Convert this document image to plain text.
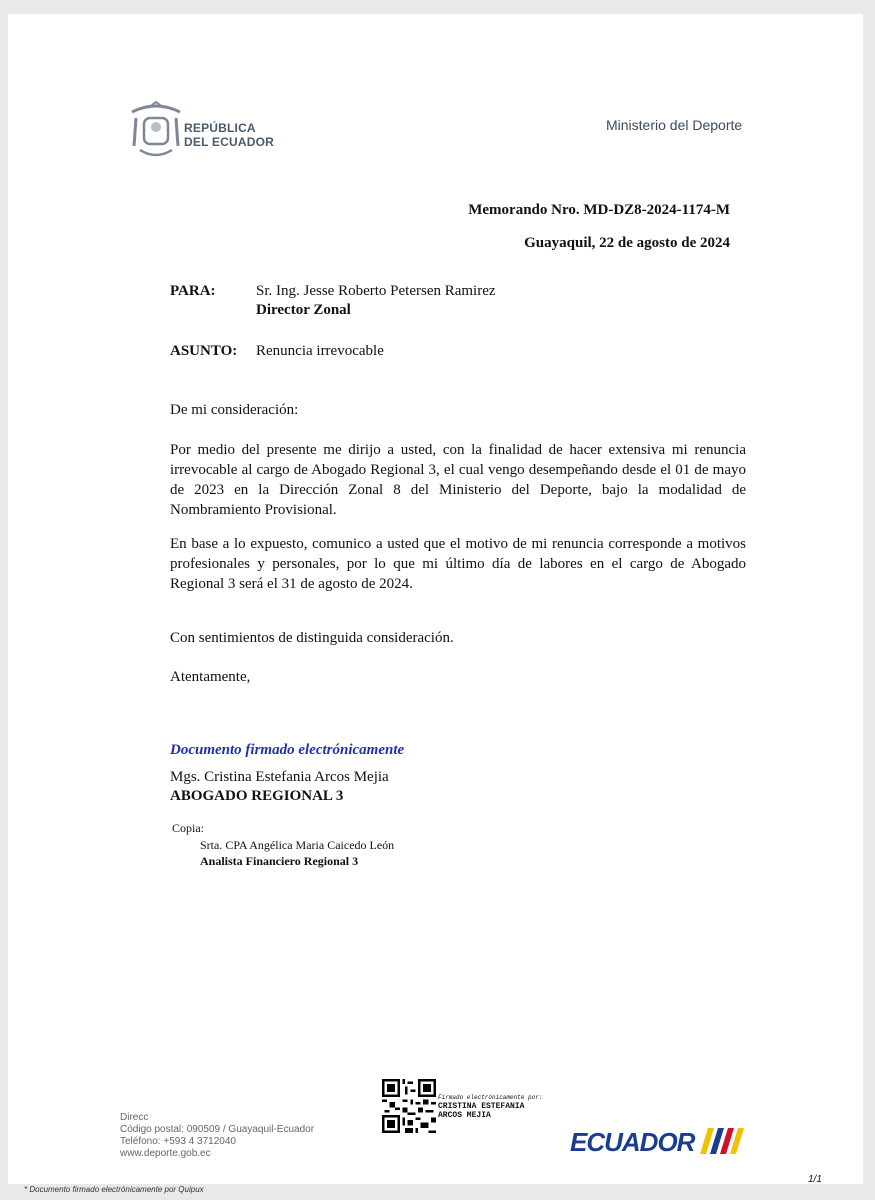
REPÚBLICA
DEL ECUADOR
Ministerio del Deporte
Memorando Nro. MD-DZ8-2024-1174-M
Guayaquil, 22 de agosto de 2024
PARA:	Sr. Ing. Jesse Roberto Petersen Ramirez
Director Zonal
ASUNTO: Renuncia irrevocable
De mi consideración:
Por medio del presente me dirijo a usted, con la finalidad de hacer extensiva mi renuncia irrevocable al cargo de Abogado Regional 3, el cual vengo desempeñando desde el 01 de mayo de 2023 en la Dirección Zonal 8 del Ministerio del Deporte, bajo la modalidad de Nombramiento Provisional.
En base a lo expuesto, comunico a usted que el motivo de mi renuncia corresponde a motivos profesionales y personales, por lo que mi último día de labores en el cargo de Abogado Regional 3 será el 31 de agosto de 2024.
Con sentimientos de distinguida consideración.
Atentamente,
Documento firmado electrónicamente
Mgs. Cristina Estefania Arcos Mejia
ABOGADO REGIONAL 3
Copia:
Srta. CPA Angélica Maria Caicedo León
Analista Financiero Regional 3
Firmado electrónicamente por:
CRISTINA ESTEFANIA
ARCOS MEJIA
Direcc
Código postal: 090509 / Guayaquil-Ecuador
Teléfono: +593 4 3712040
www.deporte.gob.ec	ECUADOR
1/1
* Documento firmado electrónicamente por Quipux
